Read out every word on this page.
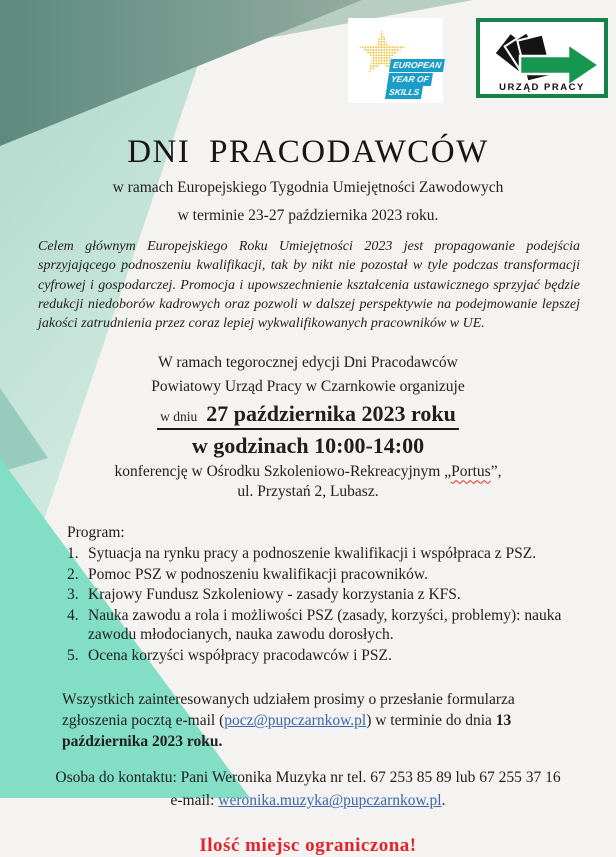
EUROPEAN
YEAR OF
SKILLS	URZĄD PRACY
DNI PRACODAWCÓW
w ramach Europejskiego Tygodnia Umiejętności Zawodowych
w terminie 23-27 października 2023 roku.

Celem głównym Europejskiego Roku Umiejętności 2023 jest propagowanie podejścia sprzyjającego podnoszeniu kwalifikacji, tak by nikt nie pozostał w tyle podczas transformacji cyfrowej i gospodarczej. Promocja i upowszechnienie kształcenia ustawicznego sprzyjać będzie redukcji niedoborów kadrowych oraz pozwoli w dalszej perspektywie na podejmowanie lepszej jakości zatrudnienia przez coraz lepiej wykwalifikowanych pracowników w UE.

W ramach tegorocznej edycji Dni Pracodawców
Powiatowy Urząd Pracy w Czarnkowie organizuje
w dniu 27 października 2023 roku
w godzinach 10:00-14:00
konferencję w Ośrodku Szkoleniowo-Rekreacyjnym „Portus”,
ul. Przystań 2, Lubasz.
Program:
1. Sytuacja na rynku pracy a podnoszenie kwalifikacji i współpraca z PSZ.
2. Pomoc PSZ w podnoszeniu kwalifikacji pracowników.
3. Krajowy Fundusz Szkoleniowy - zasady korzystania z KFS.
4. Nauka zawodu a rola i możliwości PSZ (zasady, korzyści, problemy): nauka zawodu młodocianych, nauka zawodu dorosłych.
5. Ocena korzyści współpracy pracodawców i PSZ.

Wszystkich zainteresowanych udziałem prosimy o przesłanie formularza zgłoszenia pocztą e-mail (pocz@pupczarnkow.pl) w terminie do dnia 13 października 2023 roku.

Osoba do kontaktu: Pani Weronika Muzyka nr tel. 67 253 85 89 lub 67 255 37 16
e-mail: weronika.muzyka@pupczarnkow.pl.
Ilość miejsc ograniczona!
